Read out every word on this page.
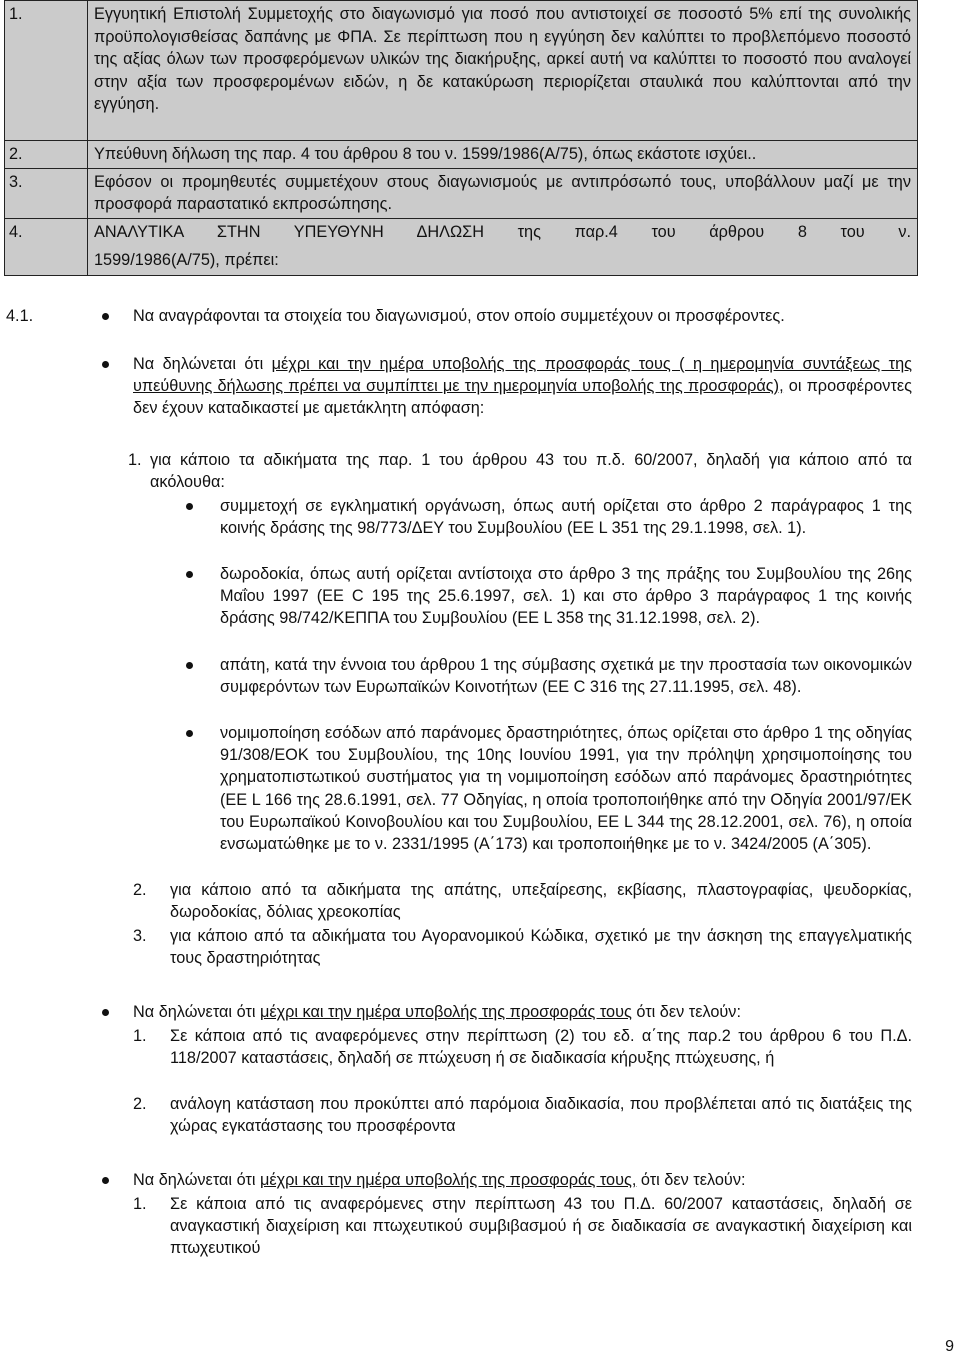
1.	Εγγυητική Επιστολή Συμμετοχής στο διαγωνισμό για ποσό που αντιστοιχεί σε ποσοστό 5% επί της συνολικής προϋπολογισθείσας δαπάνης με ΦΠΑ. Σε περίπτωση που η εγγύηση δεν καλύπτει το προβλεπόμενο ποσοστό της αξίας όλων των προσφερόμενων υλικών της διακήρυξης, αρκεί αυτή να καλύπτει το ποσοστό που αναλογεί στην αξία των προσφερομένων ειδών, η δε κατακύρωση περιορίζεται σταυλικά που καλύπτονται από την εγγύηση.
2.	Υπεύθυνη δήλωση της παρ. 4 του άρθρου 8 του ν. 1599/1986(Α/75), όπως εκάστοτε ισχύει..
3.	Εφόσον οι προμηθευτές συμμετέχουν στους διαγωνισμούς με αντιπρόσωπό τους, υποβάλλουν μαζί με την προσφορά παραστατικό εκπροσώπησης.
4.	ΑΝΑΛΥΤΙΚΑ ΣΤΗΝ ΥΠΕΥΘΥΝΗ ΔΗΛΩΣΗ της παρ.4 του άρθρου 8 του ν.
1599/1986(Α/75), πρέπει:
4.1.	Να αναγράφονται τα στοιχεία του διαγωνισμού, στον οποίο συμμετέχουν οι προσφέροντες.
Να δηλώνεται ότι μέχρι και την ημέρα υποβολής της προσφοράς τους ( η ημερομηνία συντάξεως της υπεύθυνης δήλωσης πρέπει να συμπίπτει με την ημερομηνία υποβολής της προσφοράς), οι προσφέροντες δεν έχουν καταδικαστεί με αμετάκλητη απόφαση:
1. για κάποιο τα αδικήματα της παρ. 1 του άρθρου 43 του π.δ. 60/2007, δηλαδή για κάποιο από τα ακόλουθα:
συμμετοχή σε εγκληματική οργάνωση, όπως αυτή ορίζεται στο άρθρο 2 παράγραφος 1 της κοινής δράσης της 98/773/ΔΕΥ του Συμβουλίου (ΕΕ L 351 της 29.1.1998, σελ. 1).
δωροδοκία, όπως αυτή ορίζεται αντίστοιχα στο άρθρο 3 της πράξης του Συμβουλίου της 26ης Μαΐου 1997 (ΕΕ C 195 της 25.6.1997, σελ. 1) και στο άρθρο 3 παράγραφος 1 της κοινής δράσης 98/742/ΚΕΠΠΑ του Συμβουλίου (ΕΕ L 358 της 31.12.1998, σελ. 2).
απάτη, κατά την έννοια του άρθρου 1 της σύμβασης σχετικά με την προστασία των οικονομικών συμφερόντων των Ευρωπαϊκών Κοινοτήτων (ΕΕ C 316 της 27.11.1995, σελ. 48).
νομιμοποίηση εσόδων από παράνομες δραστηριότητες, όπως ορίζεται στο άρθρο 1 της οδηγίας 91/308/ΕΟΚ του Συμβουλίου, της 10ης Ιουνίου 1991, για την πρόληψη χρησιμοποίησης του χρηματοπιστωτικού συστήματος για τη νομιμοποίηση εσόδων από παράνομες δραστηριότητες (ΕΕ L 166 της 28.6.1991, σελ. 77 Οδηγίας, η οποία τροποποιήθηκε από την Οδηγία 2001/97/ΕΚ του Ευρωπαϊκού Κοινοβουλίου και του Συμβουλίου, ΕΕ L 344 της 28.12.2001, σελ. 76), η οποία ενσωματώθηκε με το ν. 2331/1995 (Α΄173) και τροποποιήθηκε με το ν. 3424/2005 (Α΄305).
2. για κάποιο από τα αδικήματα της απάτης, υπεξαίρεσης, εκβίασης, πλαστογραφίας, ψευδορκίας, δωροδοκίας, δόλιας χρεοκοπίας
3. για κάποιο από τα αδικήματα του Αγορανομικού Κώδικα, σχετικό με την άσκηση της επαγγελματικής τους δραστηριότητας
Να δηλώνεται ότι μέχρι και την ημέρα υποβολής της προσφοράς τους ότι δεν τελούν:
1. Σε κάποια από τις αναφερόμενες στην περίπτωση (2) του εδ. α΄της παρ.2 του άρθρου 6 του Π.Δ. 118/2007 καταστάσεις, δηλαδή σε πτώχευση ή σε διαδικασία κήρυξης πτώχευσης, ή
2. ανάλογη κατάσταση που προκύπτει από παρόμοια διαδικασία, που προβλέπεται από τις διατάξεις της χώρας εγκατάστασης του προσφέροντα
Να δηλώνεται ότι μέχρι και την ημέρα υποβολής της προσφοράς τους, ότι δεν τελούν:
1. Σε κάποια από τις αναφερόμενες στην περίπτωση 43 του Π.Δ. 60/2007 καταστάσεις, δηλαδή σε αναγκαστική διαχείριση και πτωχευτικού συμβιβασμού ή σε διαδικασία σε αναγκαστική διαχείριση και πτωχευτικού
9
